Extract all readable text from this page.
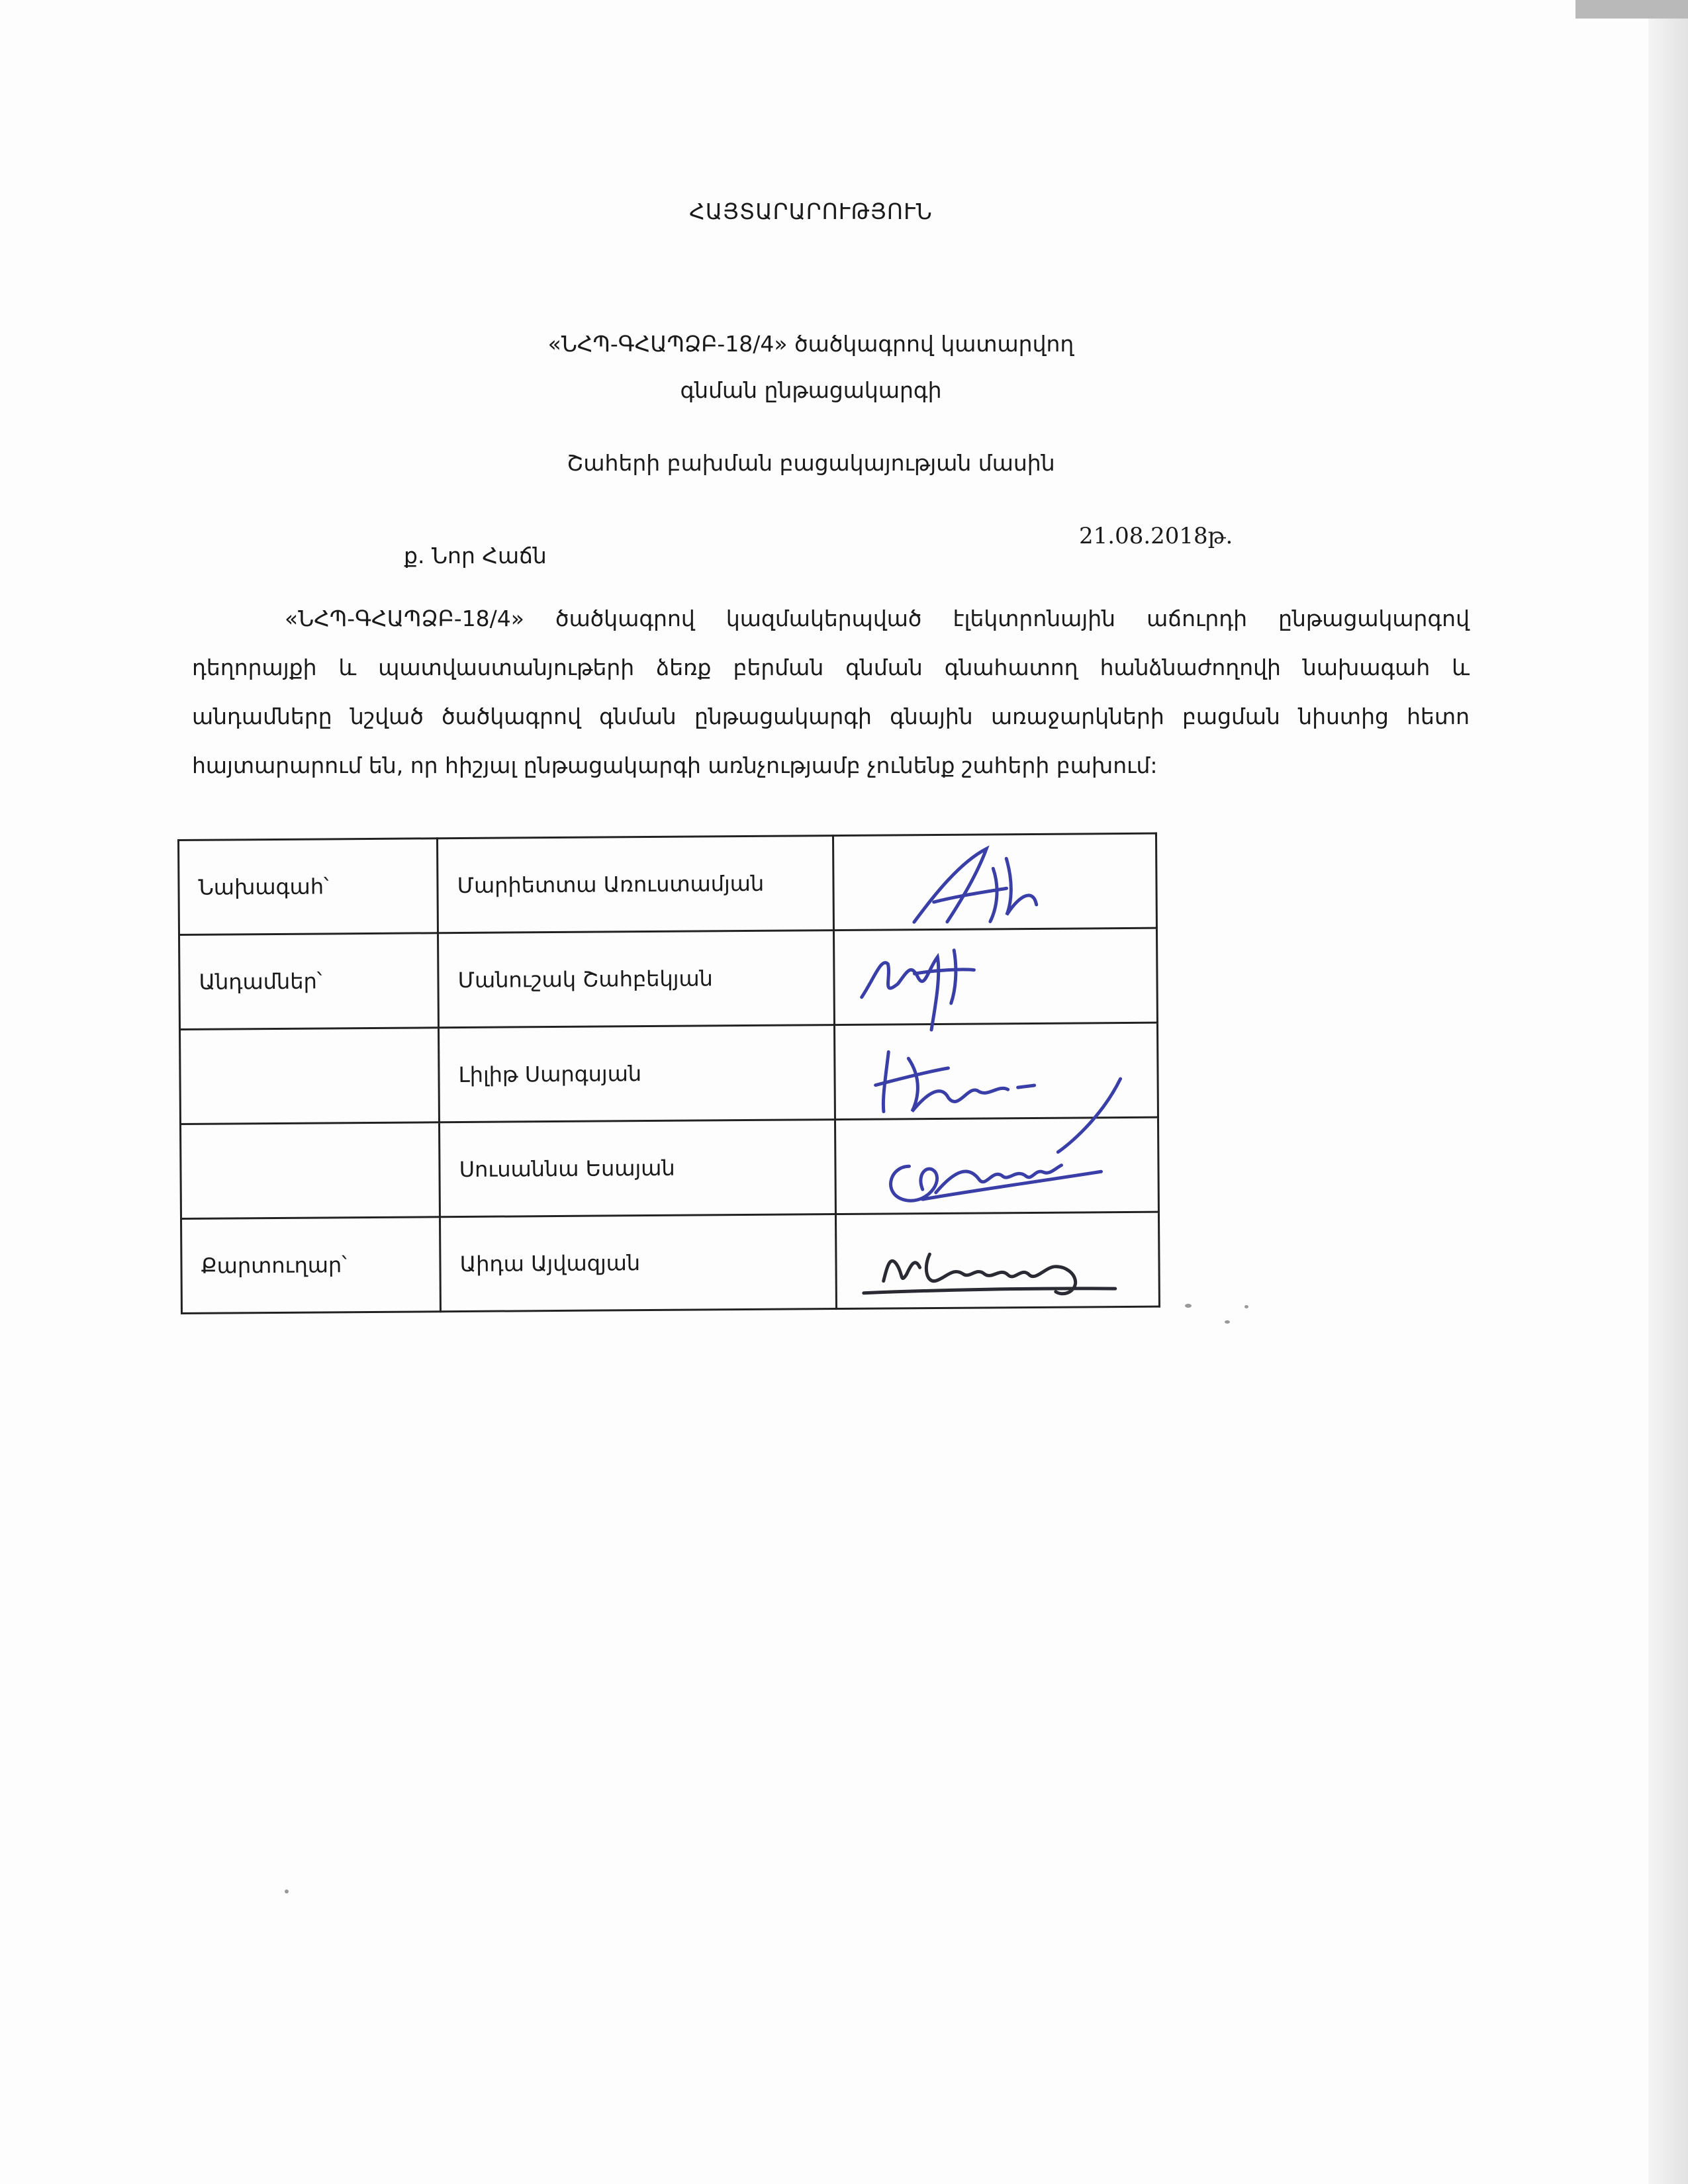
ՀԱՅՏԱՐԱՐՈՒԹՅՈՒՆ
«ՆՀՊ-ԳՀԱՊՁԲ-18/4» ծածկագրով կատարվող
գնման ընթացակարգի
Շահերի բախման բացակայության մասին
ք. Նոր Հաճն
21.08.2018թ.
«ՆՀՊ-ԳՀԱՊՁԲ-18/4» ծածկագրով կազմակերպված էլեկտրոնային աճուրդի ընթացակարգով դեղորայքի և պատվաստանյութերի ձեռք բերման գնման գնահատող հանձնաժողովի նախագահ և անդամները նշված ծածկագրով գնման ընթացակարգի գնային առաջարկների բացման նիստից հետո հայտարարում են, որ հիշյալ ընթացակարգի առնչությամբ չունենք շահերի բախում:
Նախագահ՝	Մարիետտա Առուստամյան	

Անդամներ՝	Մանուշակ Շահբեկյան	

	Լիլիթ Սարգսյան	

	Սուսաննա Եսայան	

Քարտուղար՝	Աիդա Այվազյան	
